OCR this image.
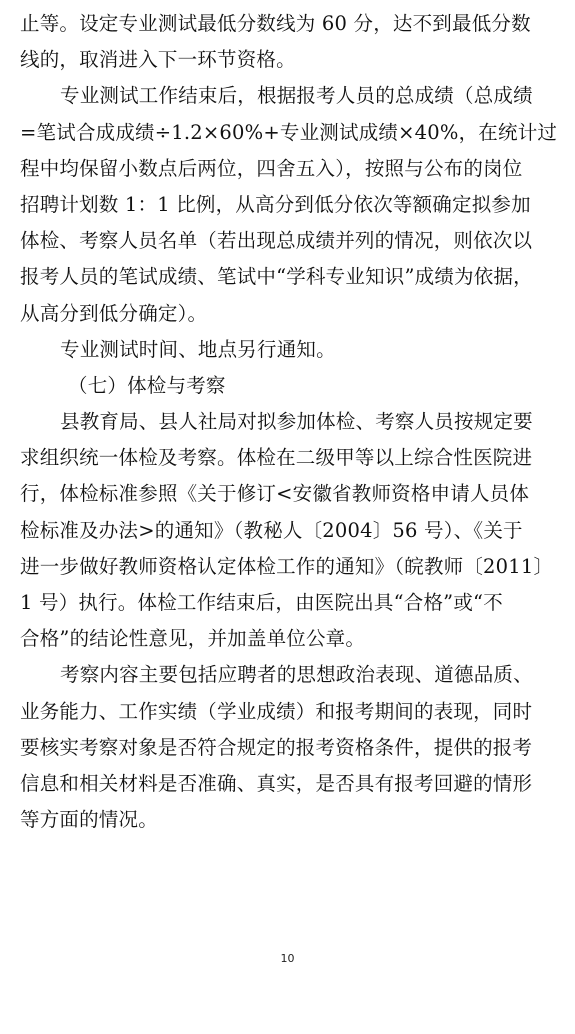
止等。设定专业测试最低分数线为 60 分，达不到最低分数
线的，取消进入下一环节资格。
专业测试工作结束后，根据报考人员的总成绩（总成绩
=笔试合成成绩÷1.2×60%+专业测试成绩×40%，在统计过
程中均保留小数点后两位，四舍五入），按照与公布的岗位
招聘计划数 1：1 比例，从高分到低分依次等额确定拟参加
体检、考察人员名单（若出现总成绩并列的情况，则依次以
报考人员的笔试成绩、笔试中“学科专业知识”成绩为依据，
从高分到低分确定）。
专业测试时间、地点另行通知。
（七）体检与考察
县教育局、县人社局对拟参加体检、考察人员按规定要
求组织统一体检及考察。体检在二级甲等以上综合性医院进
行，体检标准参照《关于修订<安徽省教师资格申请人员体
检标准及办法>的通知》（教秘人〔2004〕56 号）、《关于
进一步做好教师资格认定体检工作的通知》（皖教师〔2011〕
1 号）执行。体检工作结束后，由医院出具“合格”或“不
合格”的结论性意见，并加盖单位公章。
考察内容主要包括应聘者的思想政治表现、道德品质、
业务能力、工作实绩（学业成绩）和报考期间的表现，同时
要核实考察对象是否符合规定的报考资格条件，提供的报考
信息和相关材料是否准确、真实，是否具有报考回避的情形
等方面的情况。
10
